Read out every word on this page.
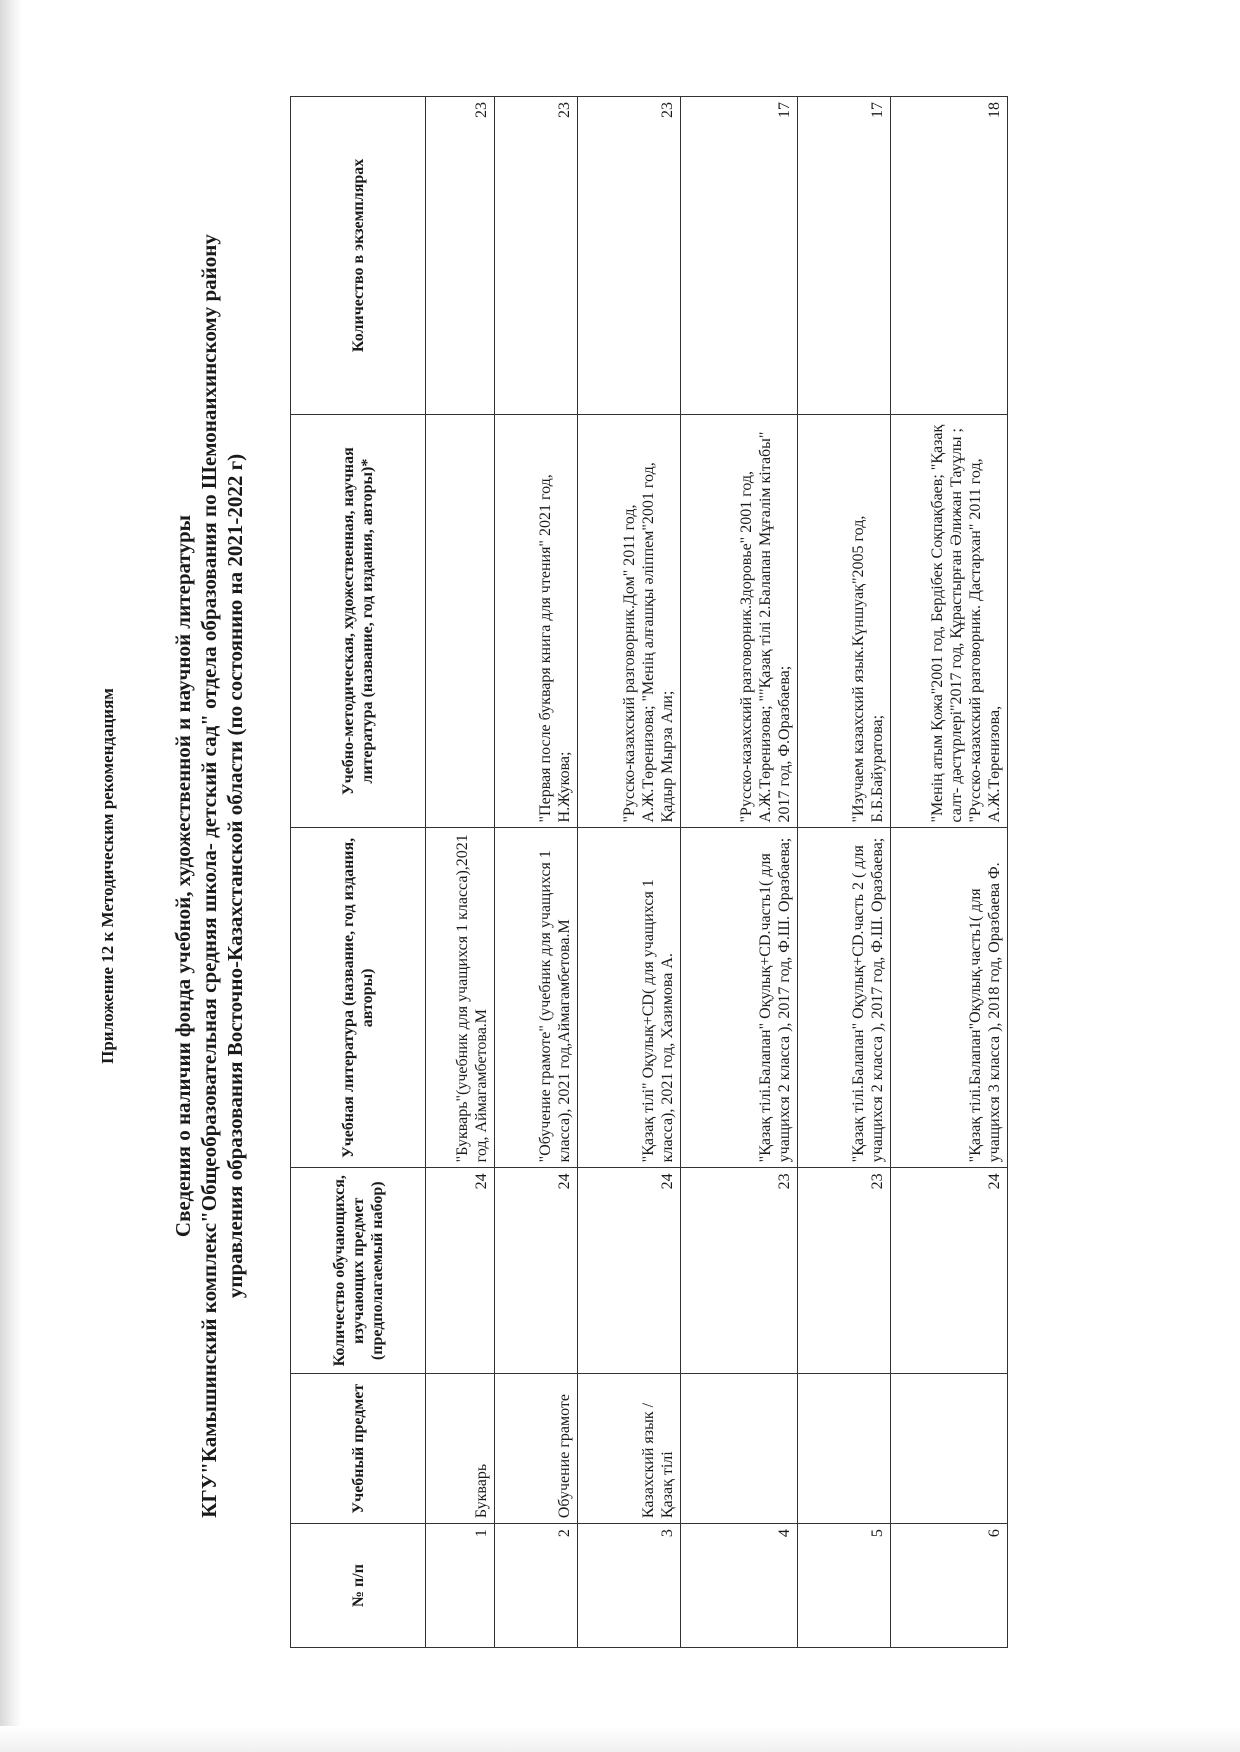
Приложение 12 к Методическим рекомендациям	Сведения о наличии фонда учебной, художественной и научной литературы КГУ"Камышинский комплекс"Общеобразовательная средняя школа- детский сад" отдела образования по Шемонаихинскому району управления образования Восточно-Казахстанской области (по состоянию на 2021-2022 г)
№ п/п	Учебный предмет	Количество обучающихся, изучающих предмет (предполагаемый набор)	Учебная литература (название, год издания, авторы)	Учебно-методическая, художественная, научная литература (название, год издания, авторы)*	Количество в экземплярах
1	Букварь	24	"Букварь"(учебник для учащихся 1 класса),2021 год, Аймагамбетова.М		23
2	Обучение грамоте	24	"Обучение грамоте" (учебник для учащихся 1 класса), 2021 год,Аймагамбетова.М	"Первая после букваря книга для чтения" 2021 год, Н.Жукова;	23
3	Казахский язык /Қазақ тілі	24	"Қазақ тілі" Оқулық+CD( для учащихся 1 класса), 2021 год, Хазимова А.	"Русско-казахский разговорник.Дом" 2011 год, А.Ж.Төренизова; "Менің алғашқы әліппем"2001 год, Қадыр Мырза Али;	23
4		23	"Қазақ тілі.Балапан" Оқулық+CD.часть1( для учащихся 2 класса ), 2017 год, Ф.Ш. Оразбаева;	"Русско-казахский разговорник.Здоровье" 2001 год, А.Ж.Төренизова; ""Қазақ тілі 2.Балапан Мұғалім кітабы" 2017 год, Ф.Оразбаева;	17
5		23	"Қазақ тілі.Балапан" Оқулық+CD.часть 2 ( для учащихся 2 класса ), 2017 год, Ф.Ш. Оразбаева;	"Изучаем казахский язык.Күншуақ"2005 год, Б.Б.Байуратова;	17
6		24	"Қазақ тілі.Балапан"Оқулық.часть1( для учащихся 3 класса ), 2018 год, Оразбаева Ф.	"Менің атым Қожа"2001 год, Бердібек Соқпақбаев; "Қазақ салт- дәстүрлері"2017 год, Құрастырған Әлижан Тауұлы ; "Русско-казахский разговорник. Дастархан" 2011 год, А.Ж.Төренизова,	18
